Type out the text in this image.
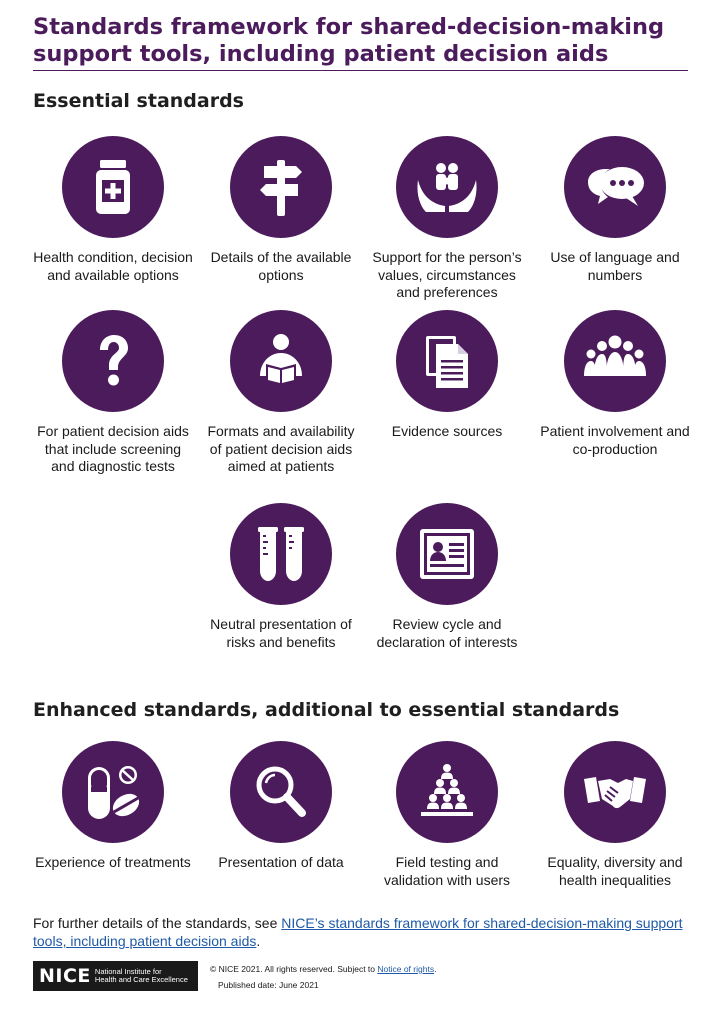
Standards framework for shared-decision-making support tools, including patient decision aids
Essential standards
Health condition, decision and available options
Details of the available options
Support for the person’s values, circumstances and preferences
Use of language and numbers
For patient decision aids that include screening and diagnostic tests
Formats and availability of patient decision aids aimed at patients
Evidence sources	Patient involvement and co-production
Neutral presentation of risks and benefits
Review cycle and declaration of interests
Enhanced standards, additional to essential standards
Experience of treatments	Presentation of data	Field testing and validation with users
Equality, diversity and health inequalities
For further details of the standards, see NICE’s standards framework for shared-decision-making support tools, including patient decision aids.
NICE National Institute for
Health and Care Excellence
© NICE 2021. All rights reserved. Subject to Notice of rights.
Published date: June 2021
